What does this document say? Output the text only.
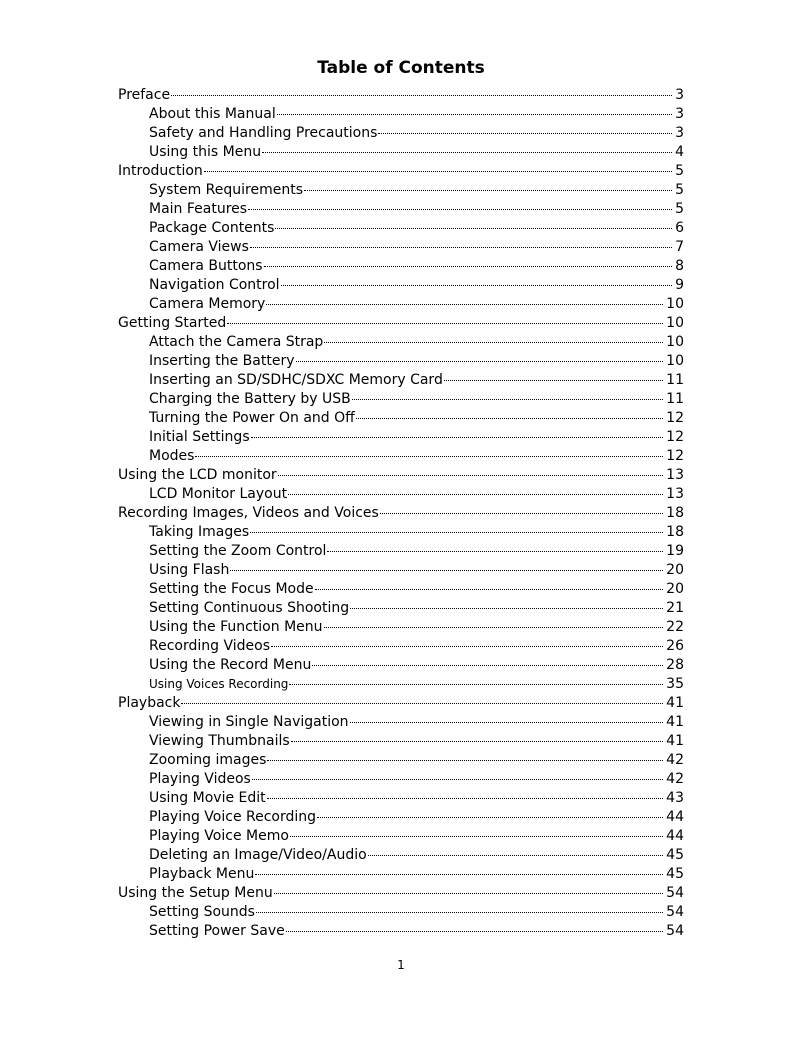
Table of Contents
Preface	3
About this Manual	3
Safety and Handling Precautions	3
Using this Menu	4
Introduction	5
System Requirements	5
Main Features	5
Package Contents	6
Camera Views	7
Camera Buttons	8
Navigation Control	9
Camera Memory	10
Getting Started	10
Attach the Camera Strap	10
Inserting the Battery	10
Inserting an SD/SDHC/SDXC Memory Card	11
Charging the Battery by USB	11
Turning the Power On and Off	12
Initial Settings	12
Modes	12
Using the LCD monitor	13
LCD Monitor Layout	13
Recording Images, Videos and Voices	18
Taking Images	18
Setting the Zoom Control	19
Using Flash	20
Setting the Focus Mode	20
Setting Continuous Shooting	21
Using the Function Menu	22
Recording Videos	26
Using the Record Menu	28
Using Voices Recording	35
Playback	41
Viewing in Single Navigation	41
Viewing Thumbnails	41
Zooming images	42
Playing Videos	42
Using Movie Edit	43
Playing Voice Recording	44
Playing Voice Memo	44
Deleting an Image/Video/Audio	45
Playback Menu	45
Using the Setup Menu	54
Setting Sounds	54
Setting Power Save	54
1
